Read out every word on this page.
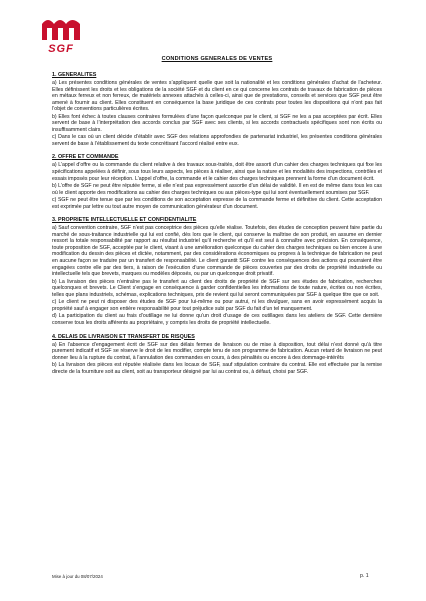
SGF
CONDITIONS GENERALES DE VENTES
1. GENERALITES

a) Les présentes conditions générales de ventes s’appliquent quelle que soit la nationalité et les conditions générales d’achat de l’acheteur. Elles définissent les droits et les obligations de la société SGF et du client en ce qui concerne les contrats de travaux de fabrication de pièces en métaux ferreux et non ferreux, de matériels annexes attachés à celles-ci, ainsi que de prestations, conseils et services que SGF peut être amené à fournir au client. Elles constituent en conséquence la base juridique de ces contrats pour toutes les dispositions qui n’ont pas fait l’objet de conventions particulières écrites.

b) Elles font échec à toutes clauses contraires formulées d’une façon quelconque par le client, si SGF ne les a pas acceptées par écrit. Elles servent de base à l’interprétation des accords conclus par SGF avec ses clients, si les accords contractuels spécifiques sont non écrits ou insuffisamment clairs.

c) Dans le cas où un client décide d’établir avec SGF des relations approfondies de partenariat industriel, les présentes conditions générales servent de base à l’établissement du texte concrétisant l’accord réalisé entre eux.

2. OFFRE ET COMMANDE

a) L’appel d’offre ou la commande du client relative à des travaux sous-traités, doit être assorti d’un cahier des charges techniques qui fixe les spécifications appelées à définir, sous tous leurs aspects, les pièces à réaliser, ainsi que la nature et les modalités des inspections, contrôles et essais imposés pour leur réception. L’appel d’offre, la commande et le cahier des charges techniques prennent la forme d’un document écrit.

b) L’offre de SGF ne peut être réputée ferme, si elle n’est pas expressément assortie d’un délai de validité. Il en est de même dans tous les cas où le client apporte des modifications au cahier des charges techniques ou aux pièces-type qui lui sont éventuellement soumises par SGF.

c) SGF ne peut être tenue que par les conditions de son acceptation expresse de la commande ferme et définitive du client. Cette acceptation est exprimée par lettre ou tout autre moyen de communication générateur d’un document.

3. PROPRIETE INTELLECTUELLE ET CONFIDENTIALITE

a) Sauf convention contraire, SGF n’est pas conceptrice des pièces qu’elle réalise. Toutefois, des études de conception peuvent faire partie du marché de sous-traitance industrielle qui lui est confié, dès lors que le client, qui conserve la maîtrise de son produit, en assume en dernier ressort la totale responsabilité par rapport au résultat industriel qu’il recherche et qu’il est seul à connaître avec précision. En conséquence, toute proposition de SGF, acceptée par le client, visant à une amélioration quelconque du cahier des charges techniques ou bien encore à une modification du dessin des pièces et dictée, notamment, par des considérations économiques ou propres à la technique de fabrication ne peut en aucune façon se traduire par un transfert de responsabilité. Le client garantit SGF contre les conséquences des actions qui pourraient être engagées contre elle par des tiers, à raison de l’exécution d’une commande de pièces couvertes par des droits de propriété industrielle ou intellectuelle tels que brevets, marques ou modèles déposés, ou par un quelconque droit privatif.

b) La livraison des pièces n’entraîne pas le transfert au client des droits de propriété de SGF sur ses études de fabrication, recherches quelconques et brevets. Le Client s’engage en conséquence à garder confidentielles les informations de toute nature, écrites ou non écrites, telles que plans industriels, schémas, explications techniques, prix de revient qui lui seront communiquées par SGF à quelque titre que ce soit.

c) Le client ne peut ni disposer des études de SGF pour lui-même ou pour autrui, ni les divulguer, sans en avoir expressément acquis la propriété sauf à engager son entière responsabilité pour tout préjudice subi par SGF du fait d’un tel manquement.

d) La participation du client au frais d’outillage ne lui donne qu’un droit d’usage de ces outillages dans les ateliers de SGF. Cette dernière conserve tous les droits afférents au propriétaire, y compris les droits de propriété intellectuelle.

4. DELAIS DE LIVRAISON ET TRANSFERT DE RISQUES

a) En l’absence d’engagement écrit de SGF sur des délais fermes de livraison ou de mise à disposition, tout délai n’est donné qu’à titre purement indicatif et SGF se réserve le droit de les modifier, compte tenu de son programme de fabrication. Aucun retard de livraison ne peut donner lieu à la rupture du contrat, à l’annulation des commandes en cours, à des pénalités ou encore à des dommage-intérêts

b) La livraison des pièces est réputée réalisée dans les locaux de SGF, sauf stipulation contraire du contrat. Elle est effectuée par la remise directe de la fourniture soit au client, soit au transporteur désigné par lui au contrat ou, à défaut, choisi par SGF.

Mise à jour du 08/07/2024	p. 1
